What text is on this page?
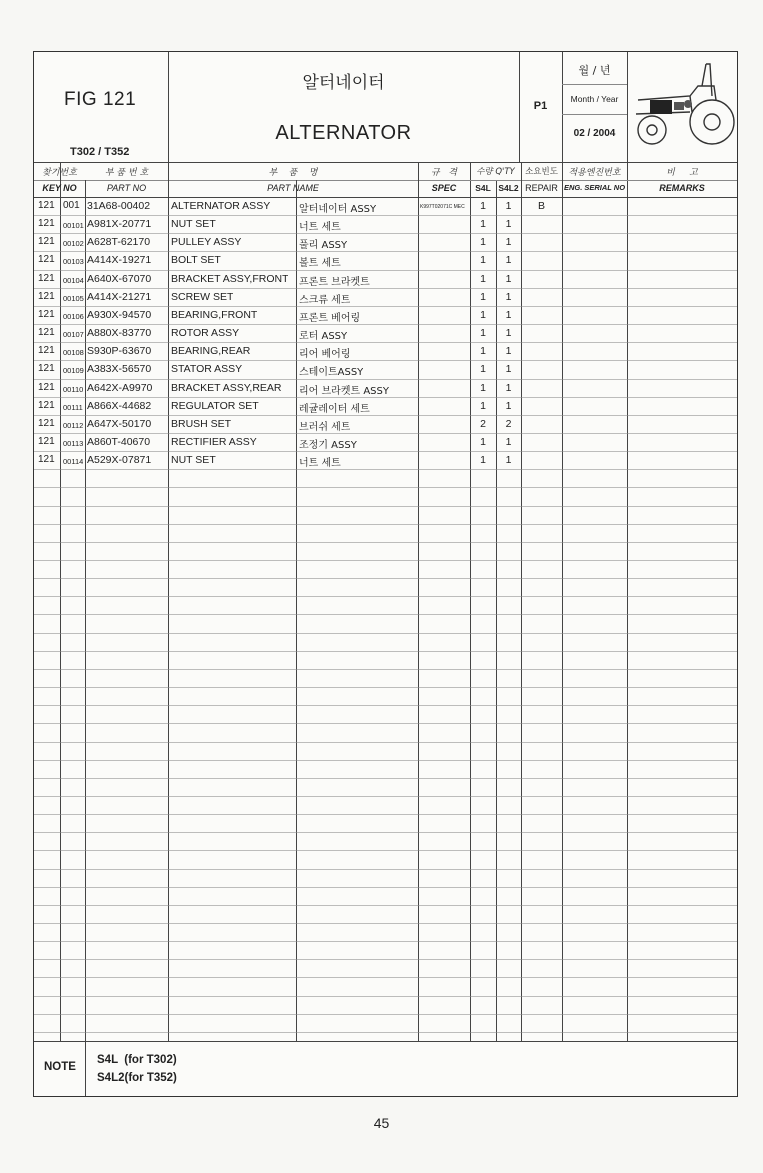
FIG 121
T302 / T352
알터네이터
ALTERNATOR
P1
월 / 년
Month / Year
02 / 2004
찾기번호
KEY NO
부 품 번 호
PART NO
부    품    명
PART NAME
규   격
SPEC
수량 Q'TY
S4L S4L2
소요빈도
REPAIR
적용엔진번호
ENG. SERIAL NO
비     고
REMARKS
121 001 31A68-00402 ALTERNATOR ASSY	알터네이터 ASSY	K997T02071C MEC	1	1	B
121 00101 A981X-20771 NUT SET	너트 세트	1	1
121 00102 A628T-62170 PULLEY ASSY	풀리 ASSY	1	1
121 00103 A414X-19271 BOLT SET	볼트 세트	1	1
121 00104 A640X-67070 BRACKET ASSY,FRONT 프론트 브라켓트	1	1
121 00105 A414X-21271 SCREW SET	스크류 세트	1	1
121 00106 A930X-94570 BEARING,FRONT	프론트 베어링	1	1
121 00107 A880X-83770 ROTOR ASSY	로터 ASSY	1	1
121 00108 S930P-63670 BEARING,REAR	리어 베어링	1	1
121 00109 A383X-56570 STATOR ASSY	스테이트ASSY	1	1
121 00110 A642X-A9970 BRACKET ASSY,REAR 리어 브라켓트 ASSY	1	1
121 00111 A866X-44682 REGULATOR SET	레귤레이터 세트	1	1
121 00112 A647X-50170 BRUSH SET	브러쉬 세트	2	2
121 00113 A860T-40670 RECTIFIER ASSY	조정기 ASSY	1	1
121 00114 A529X-07871 NUT SET	너트 세트	1	1
NOTE
S4L  (for T302)
S4L2(for T352)
45
